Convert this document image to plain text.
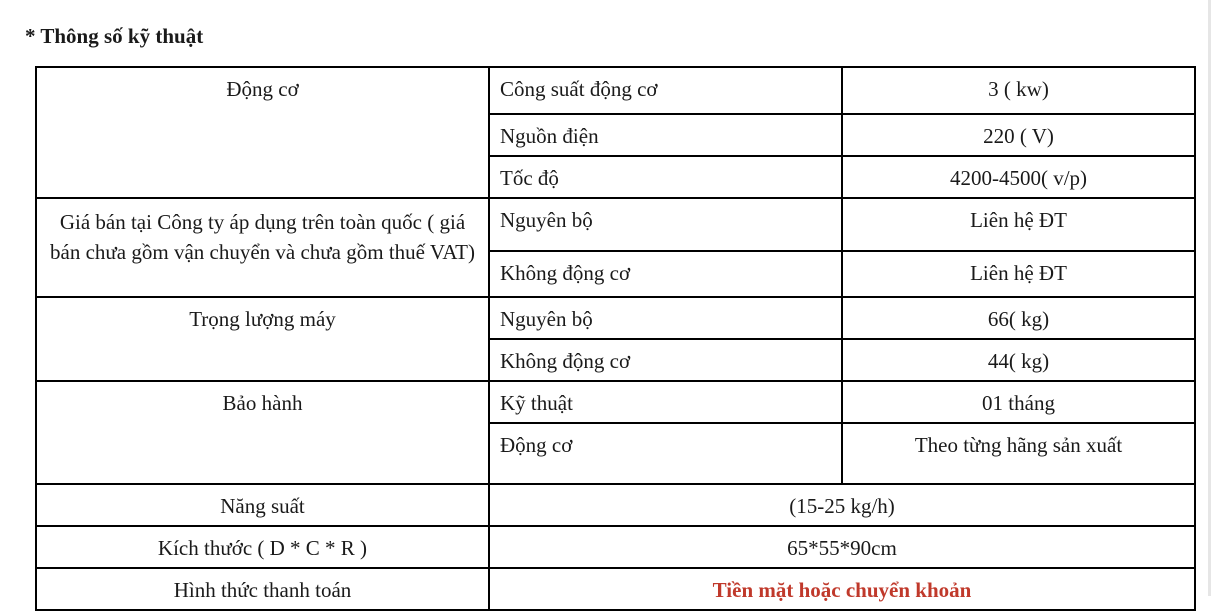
* Thông số kỹ thuật
Động cơ	Công suất động cơ	3 ( kw)
	Nguồn điện	220 ( V)
	Tốc độ	4200-4500( v/p)
Giá bán tại Công ty áp dụng trên toàn quốc ( giá bán chưa gồm vận chuyển và chưa gồm thuế VAT)	Nguyên bộ	Liên hệ ĐT
	Không động cơ	Liên hệ ĐT
Trọng lượng máy	Nguyên bộ	66( kg)
	Không động cơ	44( kg)
Bảo hành	Kỹ thuật	01 tháng
	Động cơ	Theo từng hãng sản xuất
Năng suất	(15-25 kg/h)	
Kích thước ( D * C * R )	65*55*90cm	
Hình thức thanh toán	Tiền mặt hoặc chuyển khoản	
